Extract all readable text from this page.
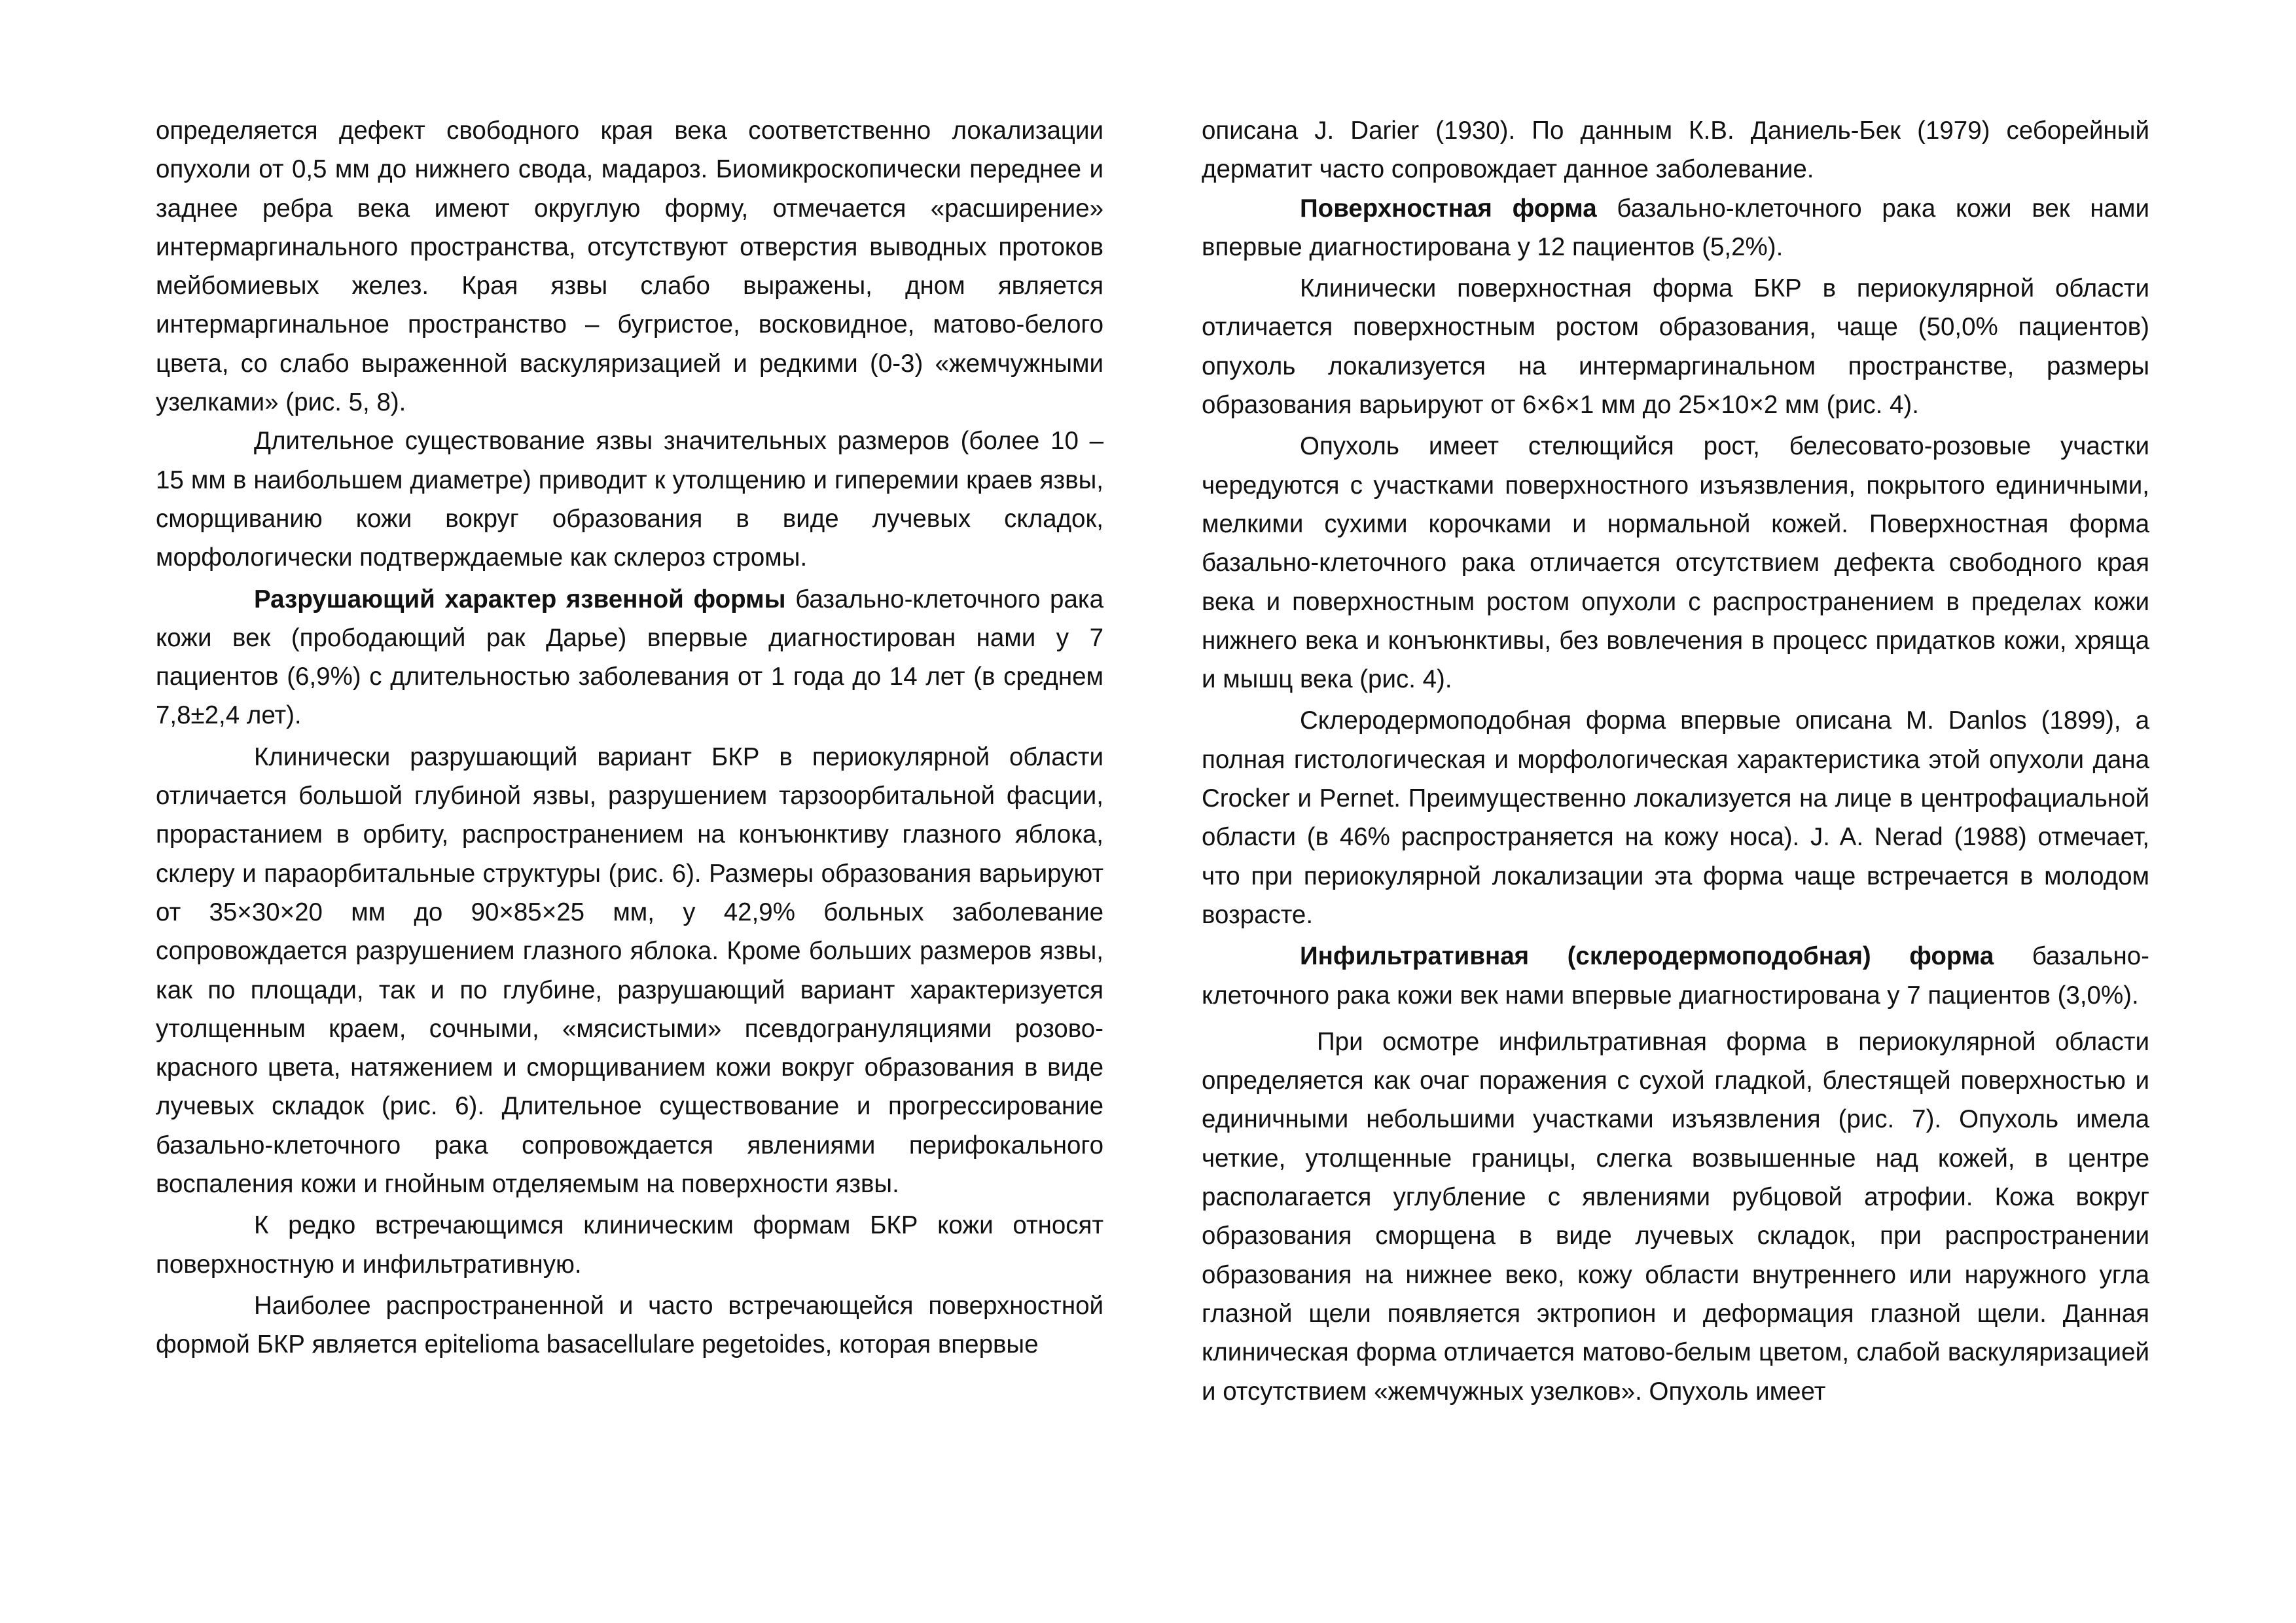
определяется дефект свободного края века соответственно локализации опухоли от 0,5 мм до нижнего свода, мадароз. Биомикроскопически переднее и заднее ребра века имеют округлую форму, отмечается «расширение» интермаргинального пространства, отсутствуют отверстия выводных протоков мейбомиевых желез. Края язвы слабо выражены, дном является интермаргинальное пространство – бугристое, восковидное, матово-белого цвета, со слабо выраженной васкуляризацией и редкими (0-3) «жемчужными узелками» (рис. 5, 8).

Длительное существование язвы значительных размеров (более 10 –15 мм в наибольшем диаметре) приводит к утолщению и гиперемии краев язвы, сморщиванию кожи вокруг образования в виде лучевых складок, морфологически подтверждаемые как склероз стромы.

Разрушающий характер язвенной формы базально-клеточного рака кожи век (прободающий рак Дарье) впервые диагностирован нами у 7 пациентов (6,9%) с длительностью заболевания от 1 года до 14 лет (в среднем 7,8±2,4 лет).

Клинически разрушающий вариант БКР в периокулярной области отличается большой глубиной язвы, разрушением тарзоорбитальной фасции, прорастанием в орбиту, распространением на конъюнктиву глазного яблока, склеру и параорбитальные структуры (рис. 6). Размеры образования варьируют от 35×30×20 мм до 90×85×25 мм, у 42,9% больных заболевание сопровождается разрушением глазного яблока. Кроме больших размеров язвы, как по площади, так и по глубине, разрушающий вариант характеризуется утолщенным краем, сочными, «мясистыми» псевдогрануляциями розово-красного цвета, натяжением и сморщиванием кожи вокруг образования в виде лучевых складок (рис. 6). Длительное существование и прогрессирование базально-клеточного рака сопровождается явлениями перифокального воспаления кожи и гнойным отделяемым на поверхности язвы.

К редко встречающимся клиническим формам БКР кожи относят поверхностную и инфильтративную.

Наиболее распространенной и часто встречающейся поверхностной формой БКР является epitelioma basacellulare pegetoides, которая впервые

описана J. Darier (1930). По данным К.В. Даниель-Бек (1979) себорейный дерматит часто сопровождает данное заболевание.

Поверхностная форма базально-клеточного рака кожи век нами впервые диагностирована у 12 пациентов (5,2%).

Клинически поверхностная форма БКР в периокулярной области отличается поверхностным ростом образования, чаще (50,0% пациентов) опухоль локализуется на интермаргинальном пространстве, размеры образования варьируют от 6×6×1 мм до 25×10×2 мм (рис. 4).

Опухоль имеет стелющийся рост, белесовато-розовые участки чередуются с участками поверхностного изъязвления, покрытого единичными, мелкими сухими корочками и нормальной кожей. Поверхностная форма базально-клеточного рака отличается отсутствием дефекта свободного края века и поверхностным ростом опухоли с распространением в пределах кожи нижнего века и конъюнктивы, без вовлечения в процесс придатков кожи, хряща и мышц века (рис. 4).

Склеродермоподобная форма впервые описана M. Danlos (1899), а полная гистологическая и морфологическая характеристика этой опухоли дана Crocker и Pernet. Преимущественно локализуется на лице в центрофациальной области (в 46% распространяется на кожу носа). J. A. Nerad (1988) отмечает, что при периокулярной локализации эта форма чаще встречается в молодом возрасте.

Инфильтративная (склеродермоподобная) форма базально-клеточного рака кожи век нами впервые диагностирована у 7 пациентов (3,0%).

При осмотре инфильтративная форма в периокулярной области определяется как очаг поражения с сухой гладкой, блестящей поверхностью и единичными небольшими участками изъязвления (рис. 7). Опухоль имела четкие, утолщенные границы, слегка возвышенные над кожей, в центре располагается углубление с явлениями рубцовой атрофии. Кожа вокруг образования сморщена в виде лучевых складок, при распространении образования на нижнее веко, кожу области внутреннего или наружного угла глазной щели появляется эктропион и деформация глазной щели. Данная клиническая форма отличается матово-белым цветом, слабой васкуляризацией и отсутствием «жемчужных узелков». Опухоль имеет
